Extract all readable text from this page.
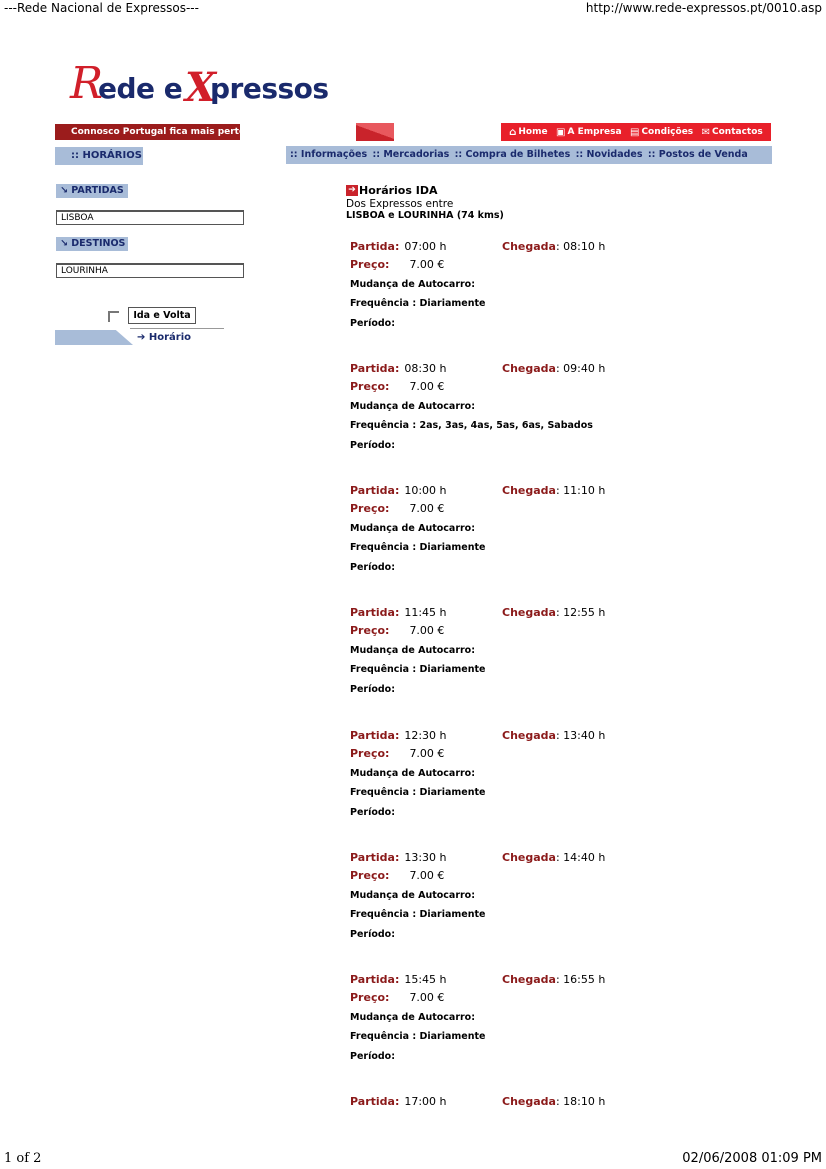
---Rede Nacional de Expressos---	http://www.rede-expressos.pt/0010.asp
1 of 2	02/06/2008 01:09 PM
R
ede e X
pressos
Connosco Portugal fica mais perto	⌂ Home ▣ A Empresa ▤ Condições ✉ Contactos
:: HORÁRIOS	:: Informações :: Mercadorias :: Compra de Bilhetes :: Novidades :: Postos de Venda
↘ PARTIDAS
LISBOA
↘ DESTINOS
LOURINHA
Ida e Volta
➔ Horário
➔ Horários IDA
Dos Expressos entre
LISBOA e LOURINHA (74 kms)
Partida: 07:00 h	Chegada: 08:10 h
Preço: 7.00 €
Mudança de Autocarro:
Frequência : Diariamente
Período:
Partida: 08:30 h	Chegada: 09:40 h
Preço: 7.00 €
Mudança de Autocarro:
Frequência : 2as, 3as, 4as, 5as, 6as, Sabados
Período:
Partida: 10:00 h	Chegada: 11:10 h
Preço: 7.00 €
Mudança de Autocarro:
Frequência : Diariamente
Período:
Partida: 11:45 h	Chegada: 12:55 h
Preço: 7.00 €
Mudança de Autocarro:
Frequência : Diariamente
Período:
Partida: 12:30 h	Chegada: 13:40 h
Preço: 7.00 €
Mudança de Autocarro:
Frequência : Diariamente
Período:
Partida: 13:30 h	Chegada: 14:40 h
Preço: 7.00 €
Mudança de Autocarro:
Frequência : Diariamente
Período:
Partida: 15:45 h	Chegada: 16:55 h
Preço: 7.00 €
Mudança de Autocarro:
Frequência : Diariamente
Período:
Partida: 17:00 h	Chegada: 18:10 h
